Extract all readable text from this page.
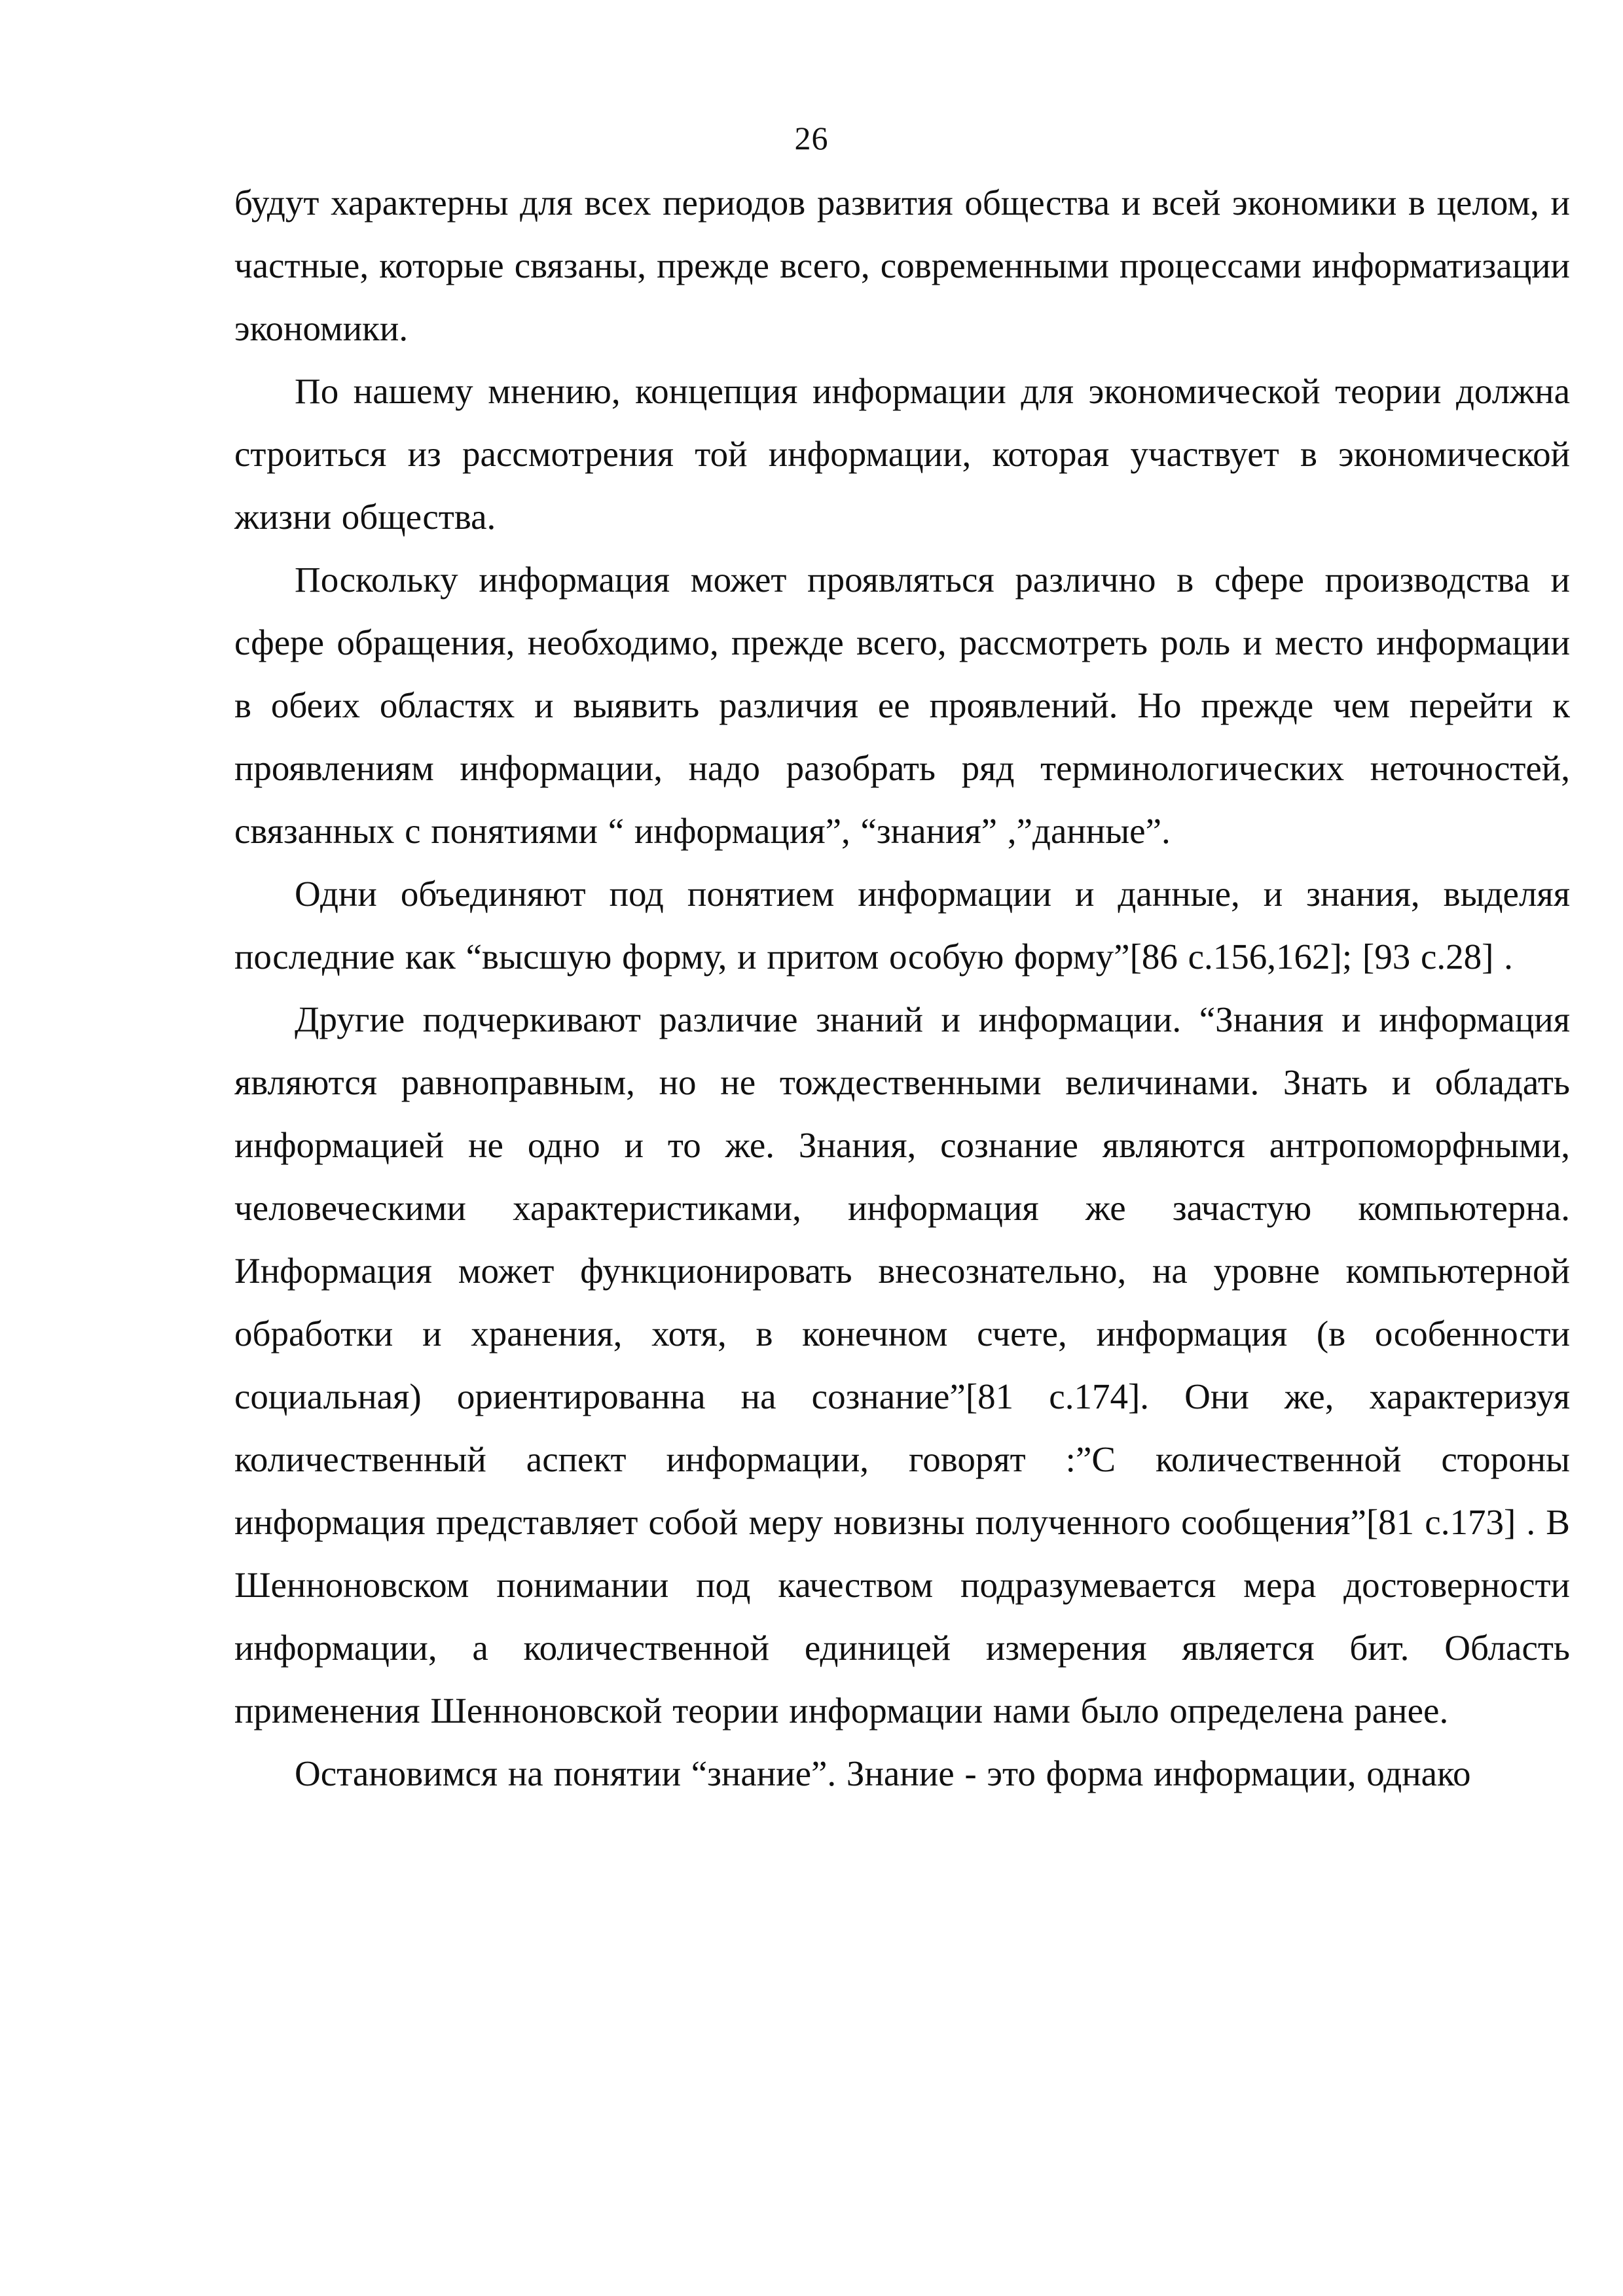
26

будут характерны для всех периодов развития общества и всей экономики в целом, и частные, которые связаны, прежде всего, современными процессами информатизации экономики.

По нашему мнению, концепция информации для экономической теории должна строиться из рассмотрения той информации, которая участвует в экономической жизни общества.

Поскольку информация может проявляться различно в сфере производства и сфере обращения, необходимо, прежде всего, рассмотреть роль и место информации в обеих областях и выявить различия ее проявлений. Но прежде чем перейти к проявлениям информации, надо разобрать ряд терминологических неточностей, связанных с понятиями “ информация”, “знания” ,”данные”.

Одни объединяют под понятием информации и данные, и знания, выделяя последние как “высшую форму, и притом особую форму”[86 с.156,162]; [93 с.28] .

Другие подчеркивают различие знаний и информации. “Знания и информация являются равноправным, но не тождественными величинами. Знать и обладать информацией не одно и то же. Знания, сознание являются антропоморфными, человеческими характеристиками, информация же зачастую компьютерна. Информация может функционировать внесознательно, на уровне компьютерной обработки и хранения, хотя, в конечном счете, информация (в особенности социальная) ориентированна на сознание”[81 с.174]. Они же, характеризуя количественный аспект информации, говорят :”С количественной стороны информация представляет собой меру новизны полученного сообщения”[81 с.173] . В Шенноновском понимании под качеством подразумевается мера достоверности информации, а количественной единицей измерения является бит. Область применения Шенноновской теории информации нами было определена ранее.

Остановимся на понятии “знание”. Знание - это форма информации, однако
